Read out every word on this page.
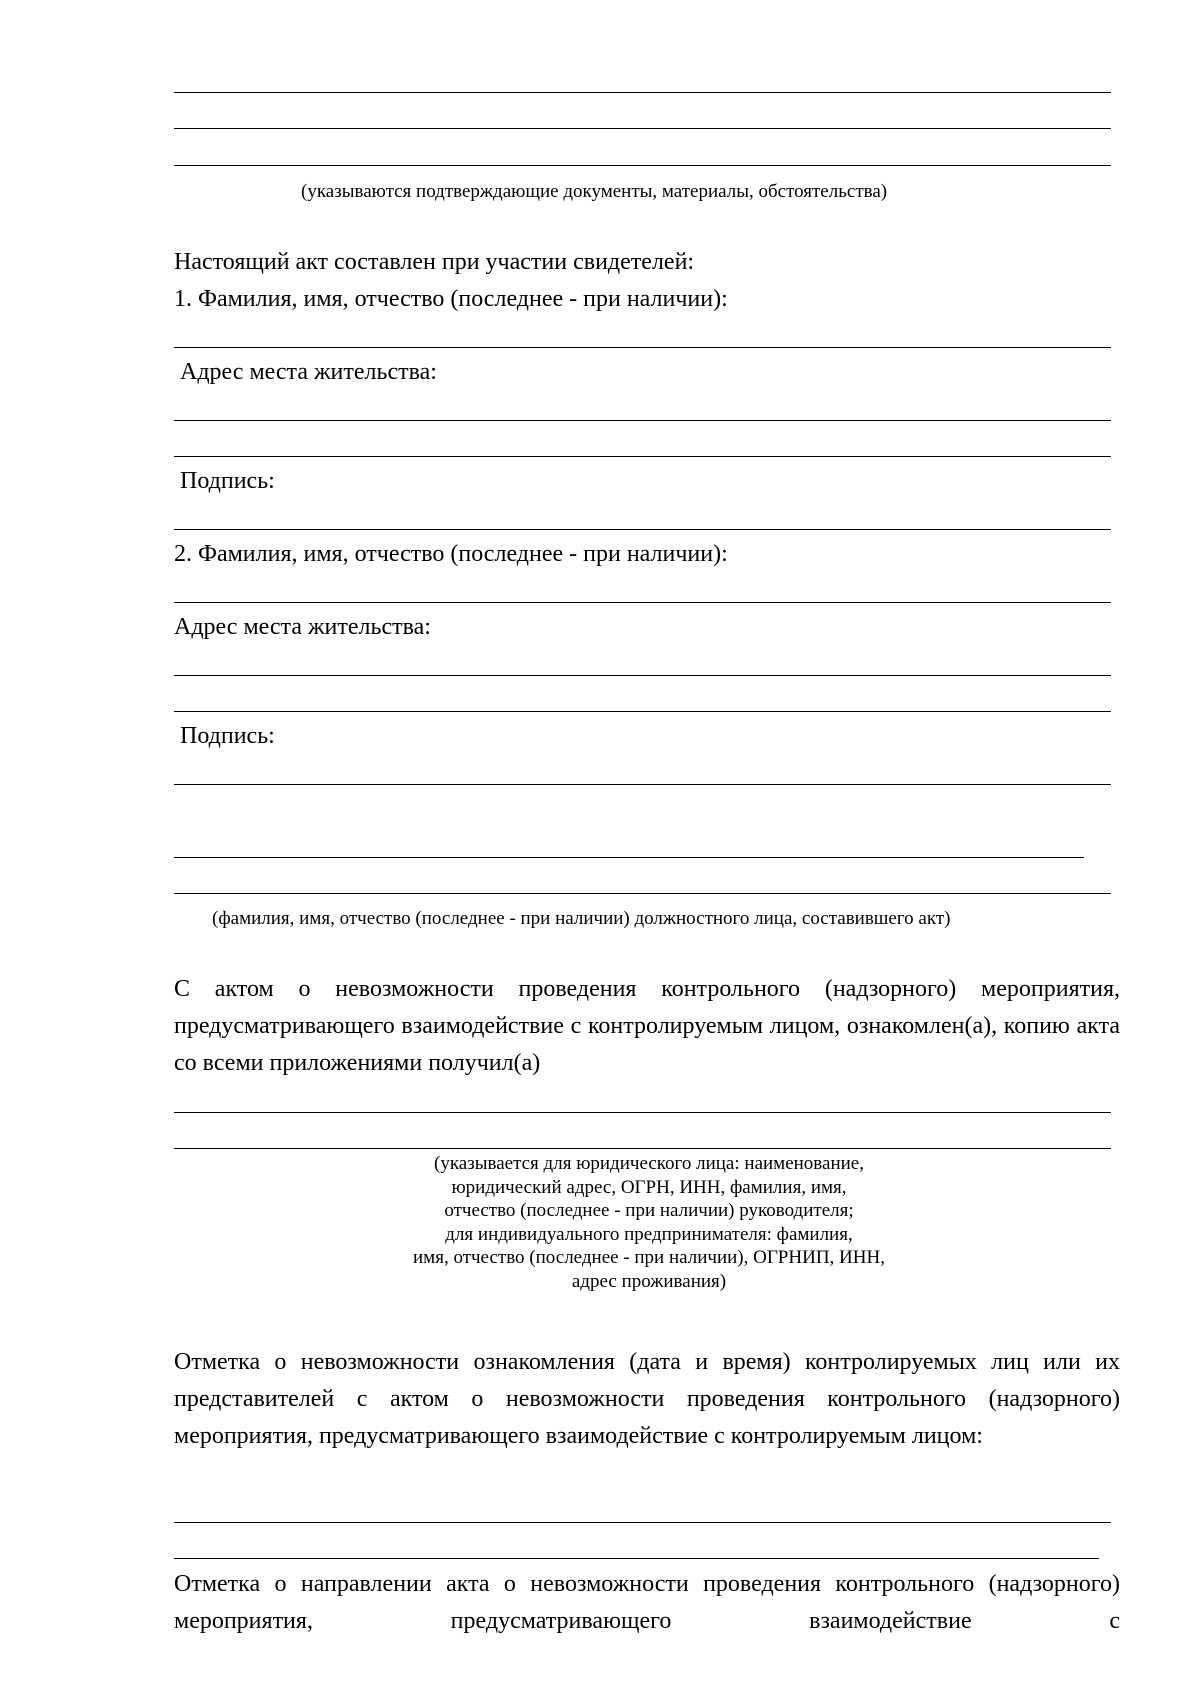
(указываются подтверждающие документы, материалы, обстоятельства)
Настоящий акт составлен при участии свидетелей:
1. Фамилия, имя, отчество (последнее - при наличии):
Адрес места жительства:
Подпись:
2. Фамилия, имя, отчество (последнее - при наличии):
Адрес места жительства:
Подпись:
(фамилия, имя, отчество (последнее - при наличии) должностного лица, составившего акт)
С актом о невозможности проведения контрольного (надзорного) мероприятия, предусматривающего взаимодействие с контролируемым лицом, ознакомлен(а), копию акта со всеми приложениями получил(а)
(указывается для юридического лица: наименование,
юридический адрес, ОГРН, ИНН, фамилия, имя,
отчество (последнее - при наличии) руководителя;
для индивидуального предпринимателя: фамилия,
имя, отчество (последнее - при наличии), ОГРНИП, ИНН,
адрес проживания)
Отметка о невозможности ознакомления (дата и время) контролируемых лиц или их представителей с актом о невозможности проведения контрольного (надзорного) мероприятия, предусматривающего взаимодействие с контролируемым лицом:
Отметка о направлении акта о невозможности проведения контрольного (надзорного) мероприятия, предусматривающего взаимодействие с
